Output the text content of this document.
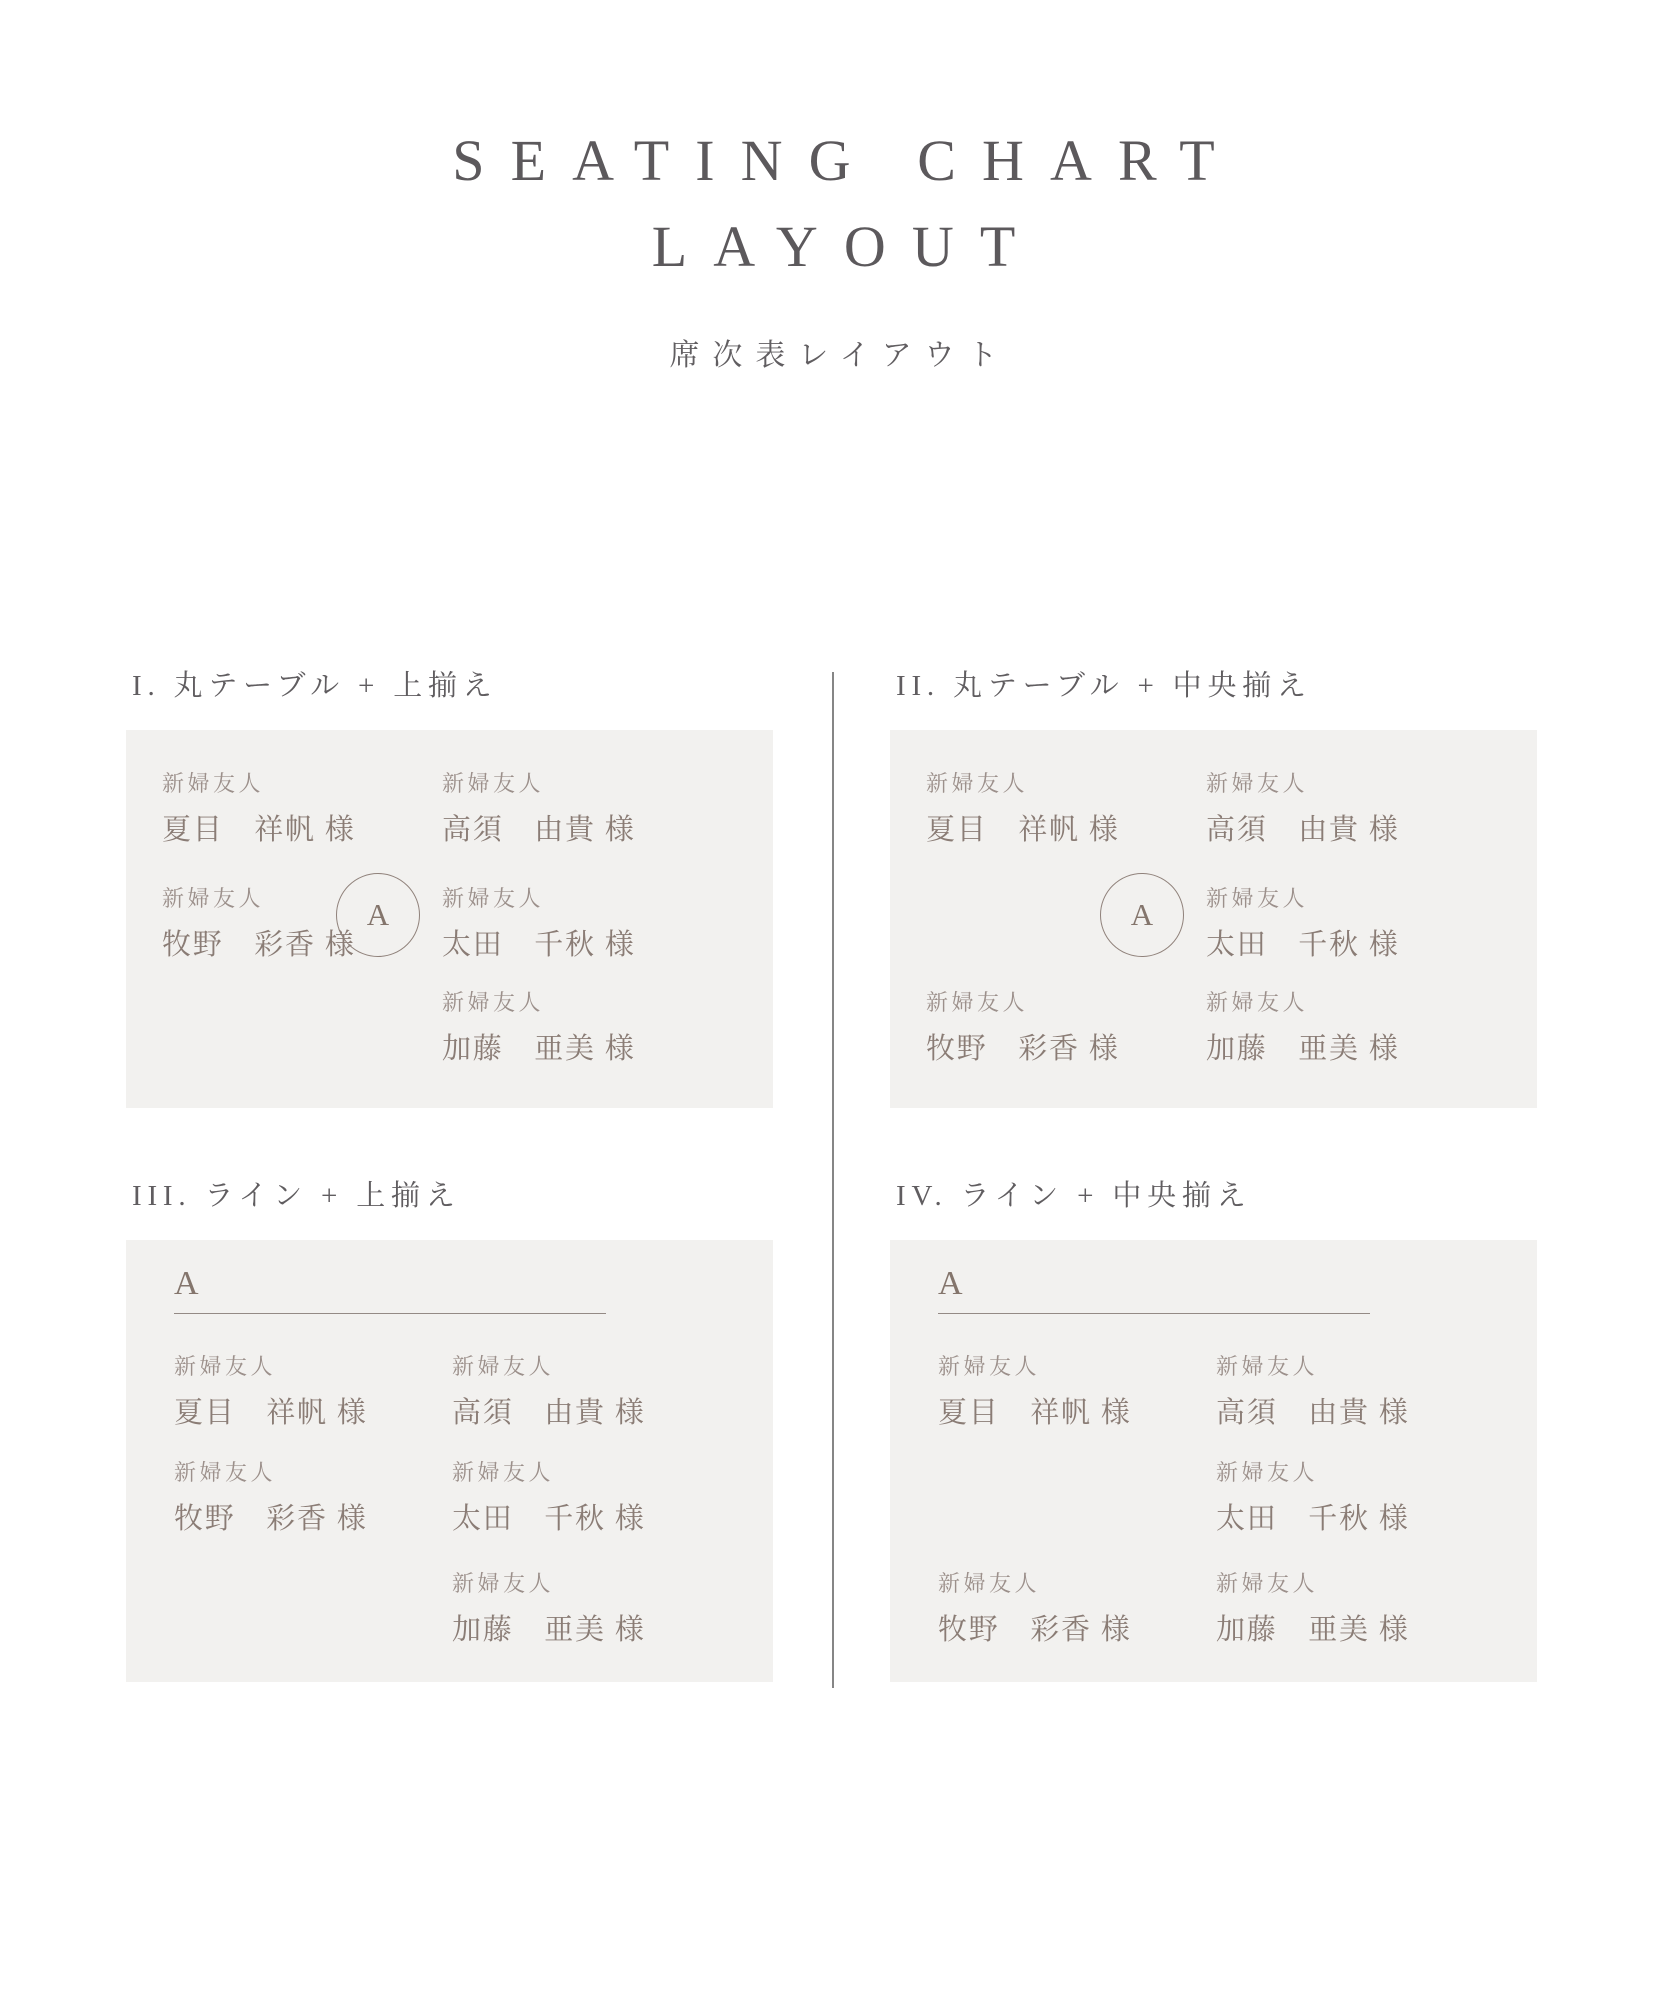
SEATING CHART
LAYOUT
席次表レイアウト
I. 丸テーブル + 上揃え
新婦友人
夏目　祥帆 様
新婦友人
高須　由貴 様
新婦友人
牧野　彩香 様
新婦友人
太田　千秋 様
新婦友人
加藤　亜美 様
A
II. 丸テーブル + 中央揃え
新婦友人
夏目　祥帆 様
新婦友人
高須　由貴 様
新婦友人
太田　千秋 様
新婦友人
牧野　彩香 様
新婦友人
加藤　亜美 様
A
III. ライン + 上揃え
A
新婦友人
夏目　祥帆 様
新婦友人
高須　由貴 様
新婦友人
牧野　彩香 様
新婦友人
太田　千秋 様
新婦友人
加藤　亜美 様
IV. ライン + 中央揃え
A
新婦友人
夏目　祥帆 様
新婦友人
高須　由貴 様
新婦友人
太田　千秋 様
新婦友人
牧野　彩香 様
新婦友人
加藤　亜美 様
